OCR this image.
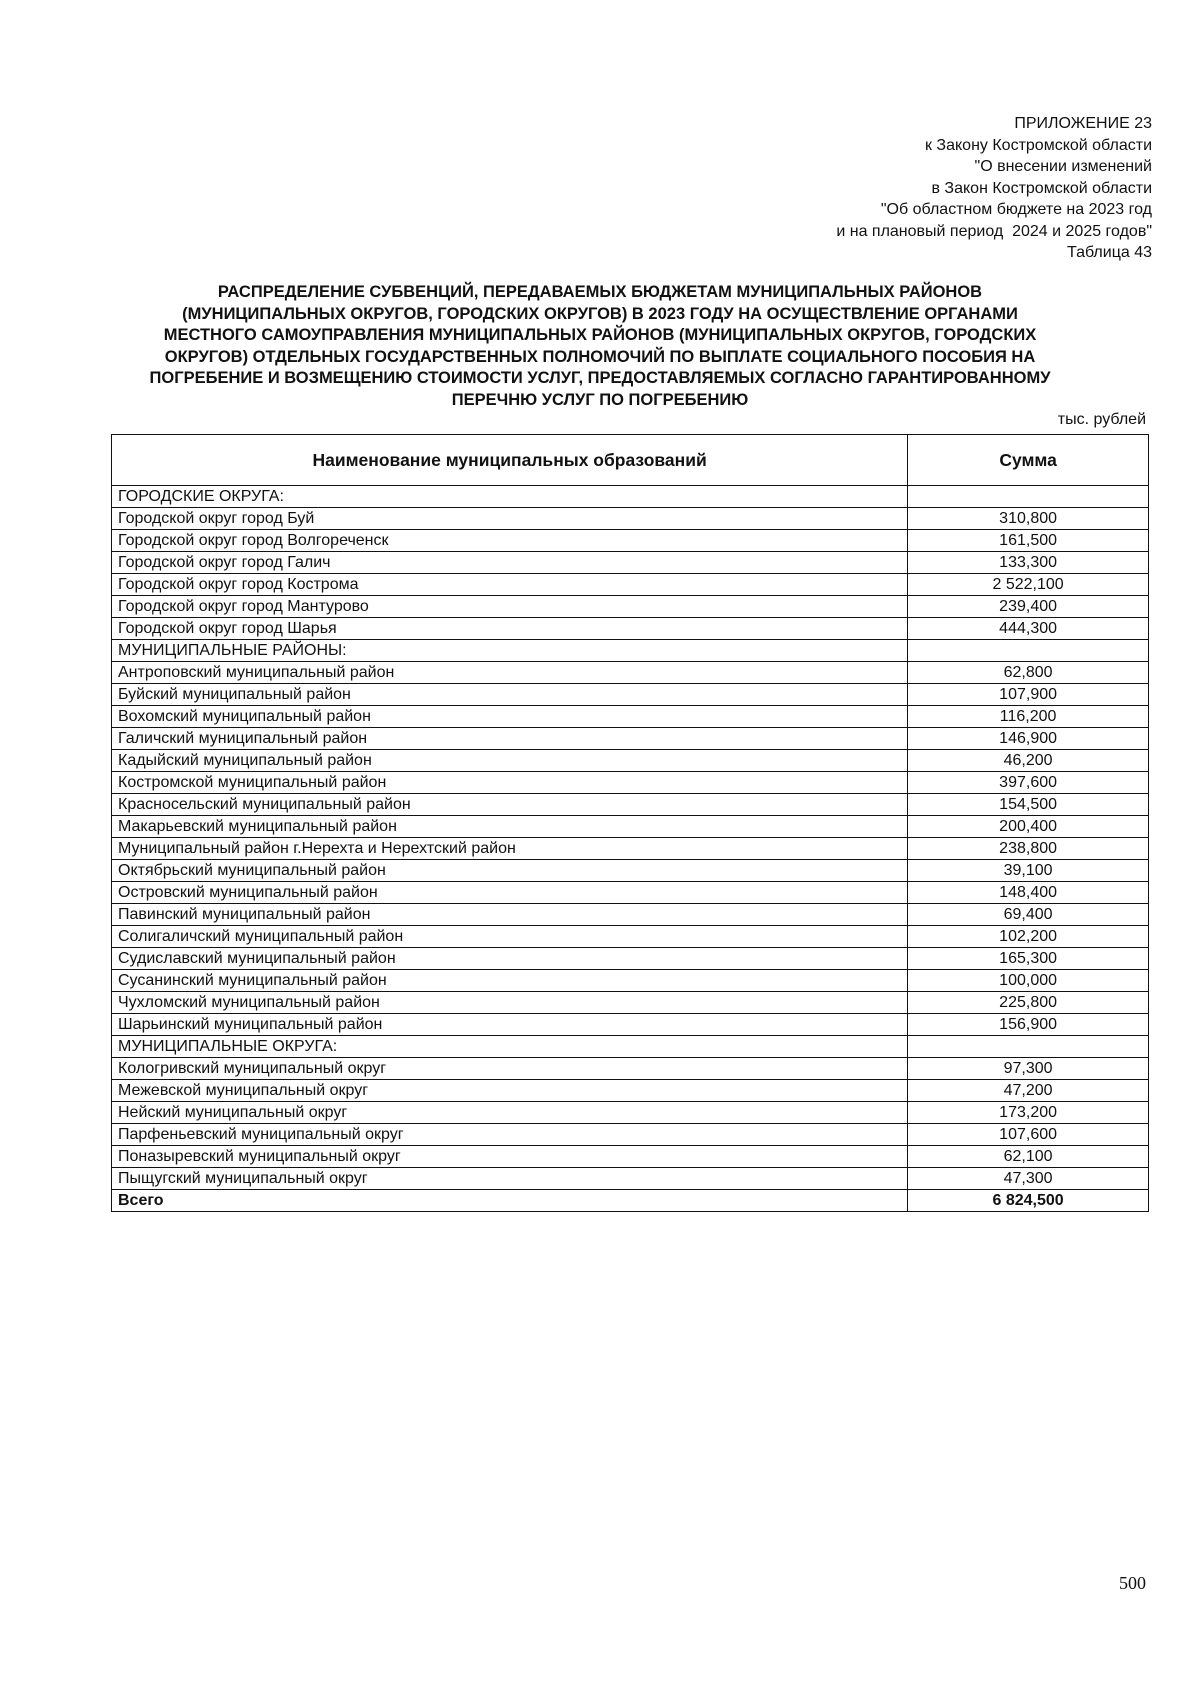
ПРИЛОЖЕНИЕ 23
к Закону Костромской области
"О внесении изменений
в Закон Костромской области
"Об областном бюджете на 2023 год
и на плановый период  2024 и 2025 годов"
Таблица 43
РАСПРЕДЕЛЕНИЕ СУБВЕНЦИЙ, ПЕРЕДАВАЕМЫХ БЮДЖЕТАМ МУНИЦИПАЛЬНЫХ РАЙОНОВ
(МУНИЦИПАЛЬНЫХ ОКРУГОВ, ГОРОДСКИХ ОКРУГОВ) В 2023 ГОДУ НА ОСУЩЕСТВЛЕНИЕ ОРГАНАМИ
МЕСТНОГО САМОУПРАВЛЕНИЯ МУНИЦИПАЛЬНЫХ РАЙОНОВ (МУНИЦИПАЛЬНЫХ ОКРУГОВ, ГОРОДСКИХ
ОКРУГОВ) ОТДЕЛЬНЫХ ГОСУДАРСТВЕННЫХ ПОЛНОМОЧИЙ ПО ВЫПЛАТЕ СОЦИАЛЬНОГО ПОСОБИЯ НА
ПОГРЕБЕНИЕ И ВОЗМЕЩЕНИЮ СТОИМОСТИ УСЛУГ, ПРЕДОСТАВЛЯЕМЫХ СОГЛАСНО ГАРАНТИРОВАННОМУ
ПЕРЕЧНЮ УСЛУГ ПО ПОГРЕБЕНИЮ
тыс. рублей
Наименование муниципальных образований	Сумма
ГОРОДСКИЕ ОКРУГА:	
Городской округ город Буй	310,800
Городской округ город Волгореченск	161,500
Городской округ город Галич	133,300
Городской округ город Кострома	2 522,100
Городской округ город Мантурово	239,400
Городской округ город Шарья	444,300
МУНИЦИПАЛЬНЫЕ РАЙОНЫ:	
Антроповский муниципальный район	62,800
Буйский муниципальный район	107,900
Вохомский муниципальный район	116,200
Галичский муниципальный район	146,900
Кадыйский муниципальный район	46,200
Костромской муниципальный район	397,600
Красносельский муниципальный район	154,500
Макарьевский муниципальный район	200,400
Муниципальный район г.Нерехта и Нерехтский район	238,800
Октябрьский муниципальный район	39,100
Островский муниципальный район	148,400
Павинский муниципальный район	69,400
Солигаличский муниципальный район	102,200
Судиславский муниципальный район	165,300
Сусанинский муниципальный район	100,000
Чухломский муниципальный район	225,800
Шарьинский муниципальный район	156,900
МУНИЦИПАЛЬНЫЕ ОКРУГА:	
Кологривский муниципальный округ	97,300
Межевской муниципальный округ	47,200
Нейский муниципальный округ	173,200
Парфеньевский муниципальный округ	107,600
Поназыревский муниципальный округ	62,100
Пыщугский муниципальный округ	47,300
Всего	6 824,500
500
